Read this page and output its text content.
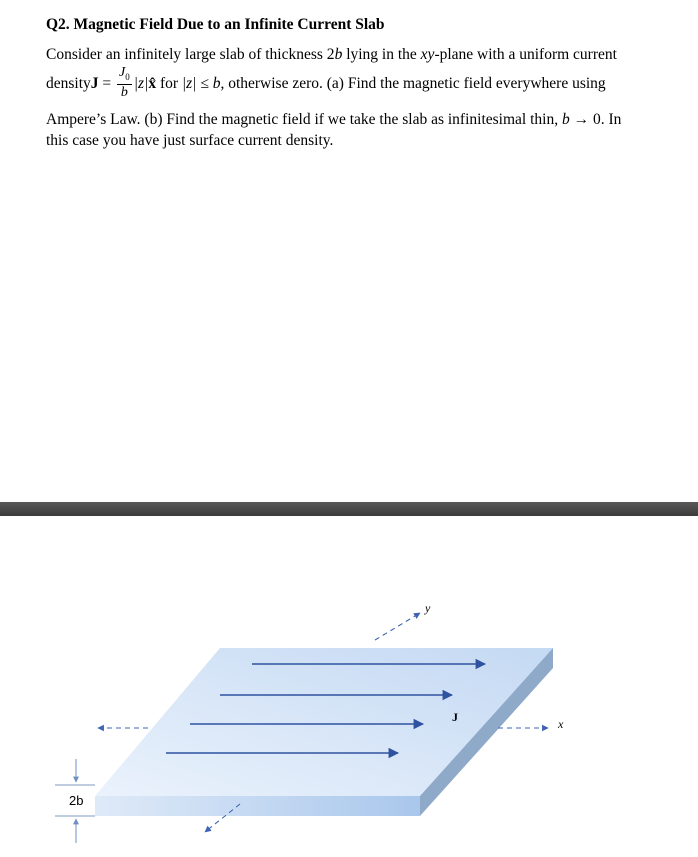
Q2. Magnetic Field Due to an Infinite Current Slab

Consider an infinitely large slab of thickness 2b lying in the xy-plane with a uniform current

density $J = \frac{J_0}{b} |z|$ x̂ for |z| ≤ b , otherwise zero. (a) Find the magnetic field everywhere using

Ampere’s Law. (b) Find the magnetic field if we take the slab as infinitesimal thin, b → 0. In

this case you have just surface current density.

y
x
J
2b
